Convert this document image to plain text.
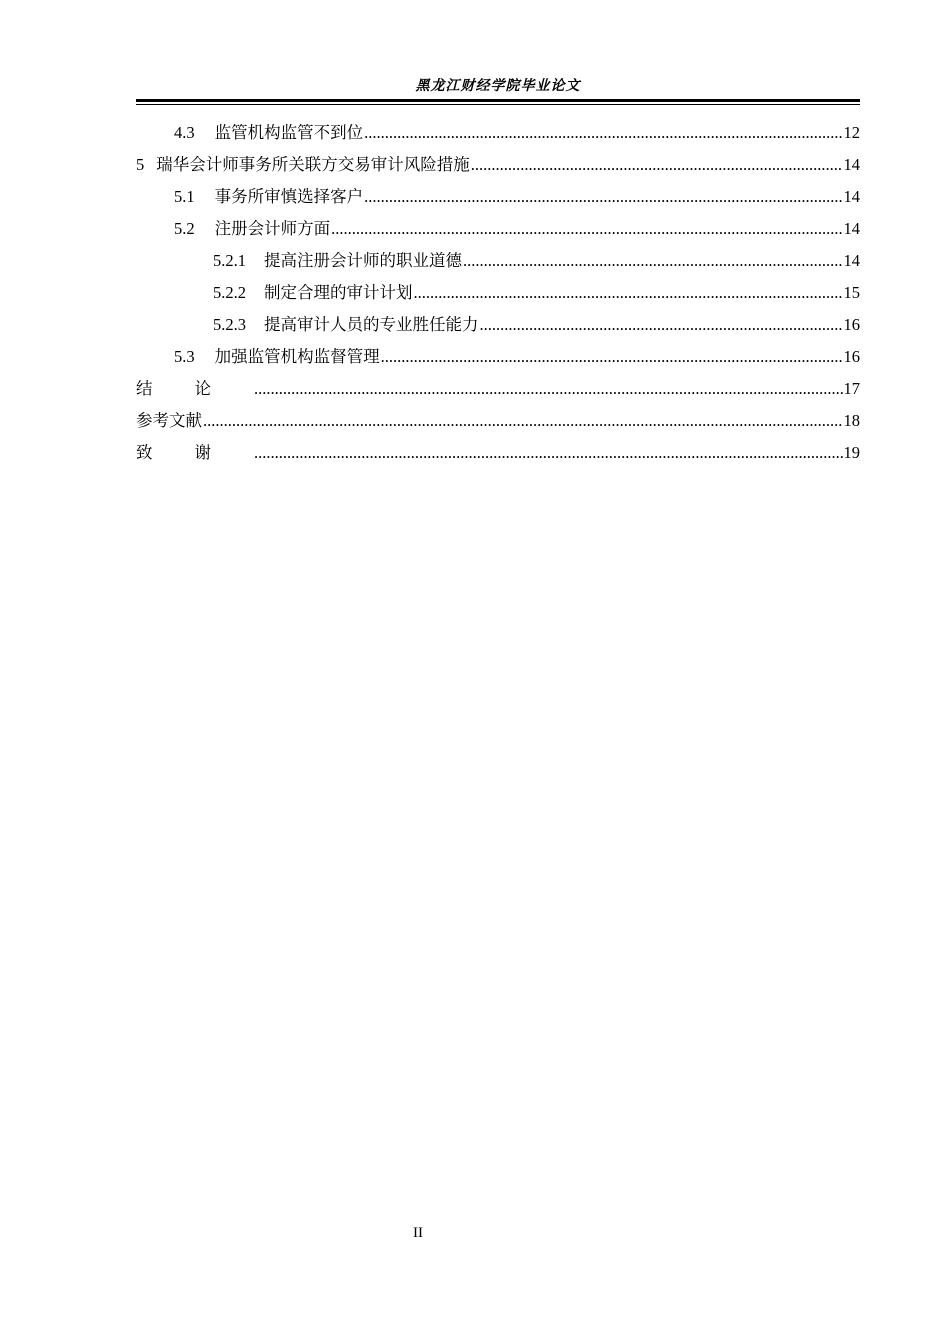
黑龙江财经学院毕业论文
4.3 监管机构监管不到位 .....	12
5 瑞华会计师事务所关联方交易审计风险措施 .....	14
5.1 事务所审慎选择客户 .....	14
5.2 注册会计师方面 .....	14
5.2.1 提高注册会计师的职业道德 .....	14
5.2.2 制定合理的审计计划 .....	15
5.2.3 提高审计人员的专业胜任能力 .....	16
5.3 加强监管机构监督管理 .....	16
结论 .....	17
参考文献 .....	18
致谢 .....	19
II
